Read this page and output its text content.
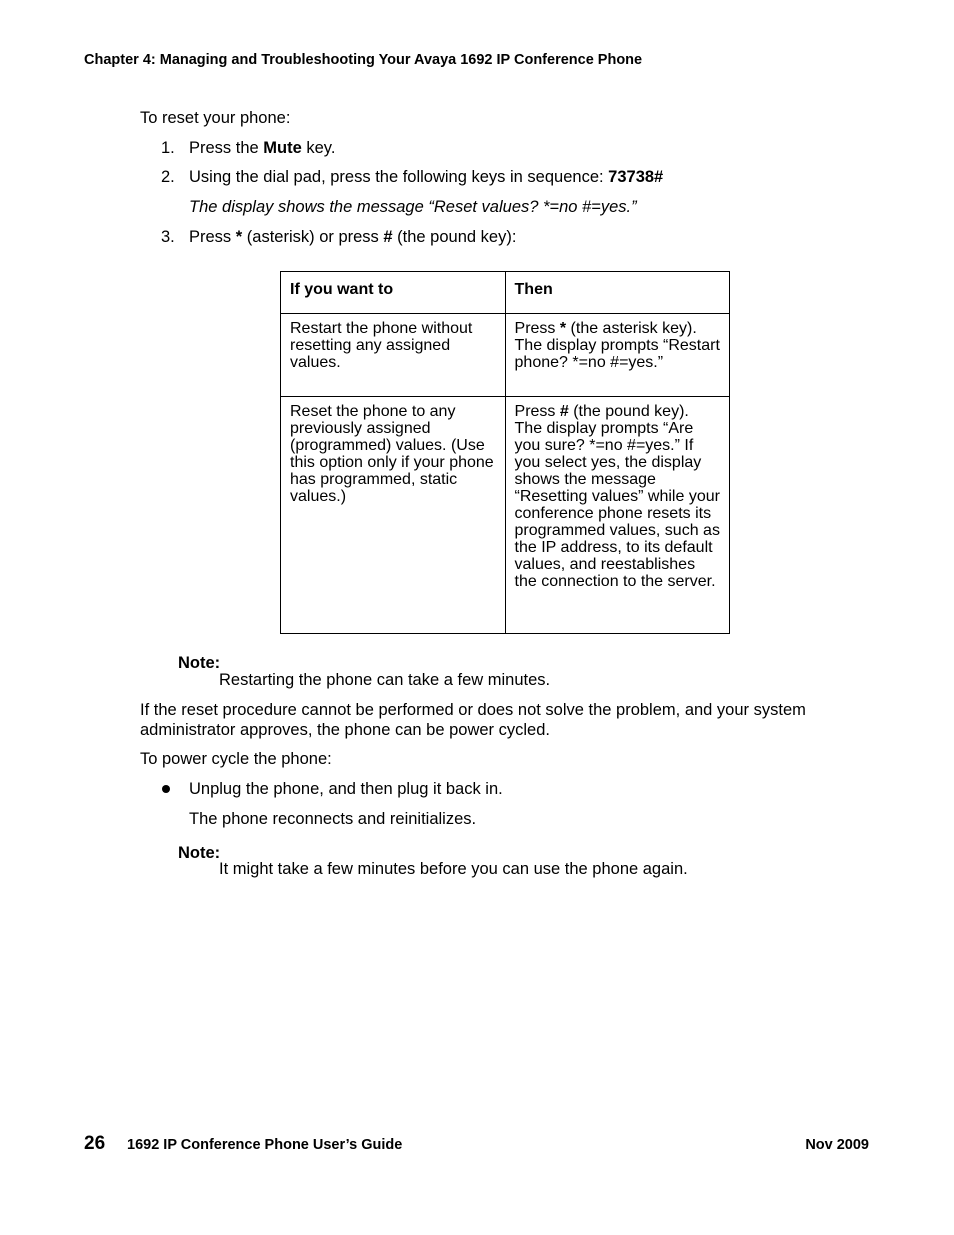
Chapter 4: Managing and Troubleshooting Your Avaya 1692 IP Conference Phone
To reset your phone:
1. Press the Mute key.
2. Using the dial pad, press the following keys in sequence: 73738#
The display shows the message “Reset values? *=no #=yes.”
3. Press * (asterisk) or press # (the pound key):
If you want to	Then
Restart the phone without resetting any assigned values.	Press * (the asterisk key). The display prompts “Restart phone? *=no #=yes.”
Reset the phone to any previously assigned (programmed) values. (Use this option only if your phone has programmed, static values.)	Press # (the pound key). The display prompts “Are you sure? *=no #=yes.” If you select yes, the display shows the message “Resetting values” while your conference phone resets its programmed values, such as the IP address, to its default values, and reestablishes the connection to the server.
Note:
Restarting the phone can take a few minutes.
If the reset procedure cannot be performed or does not solve the problem, and your system
administrator approves, the phone can be power cycled.
To power cycle the phone:
Unplug the phone, and then plug it back in.
The phone reconnects and reinitializes.
Note:
It might take a few minutes before you can use the phone again.
26 1692 IP Conference Phone User’s Guide	Nov 2009
